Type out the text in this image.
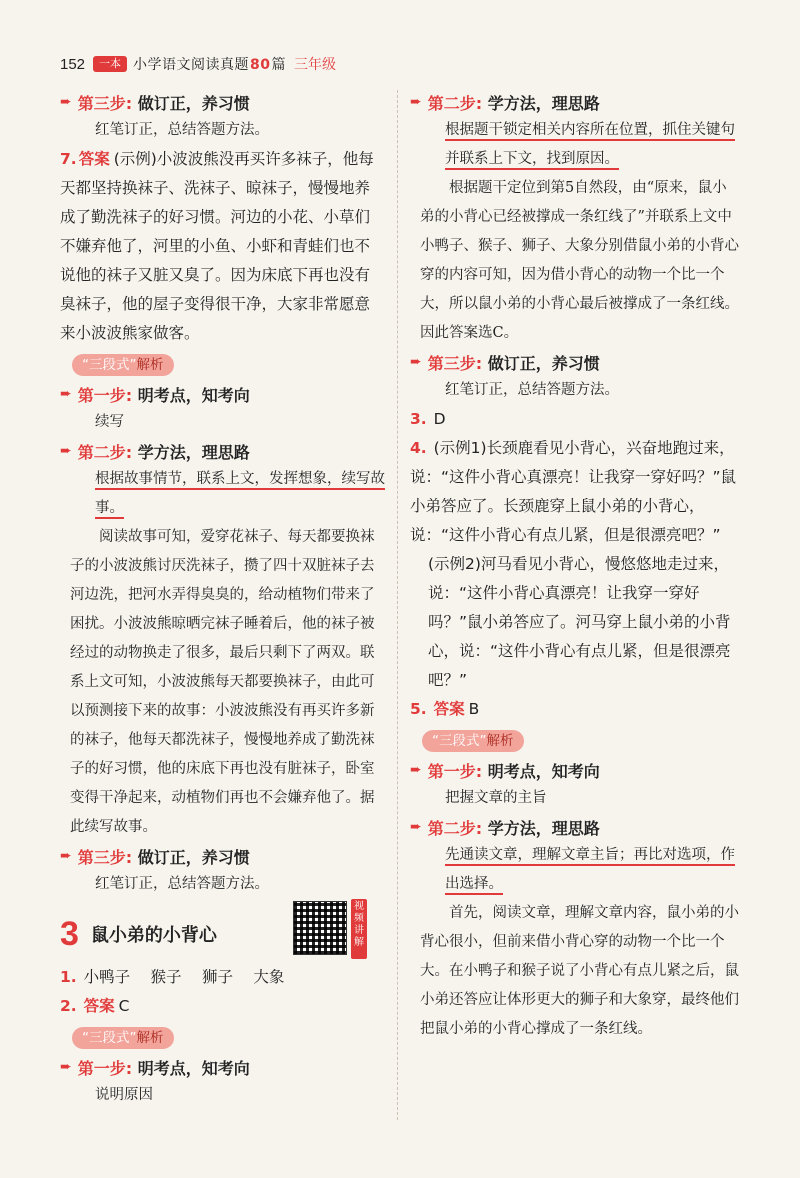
152	一本 小学语文阅读真题80篇 三年级
➨ 第三步:
做订正，养习惯
红笔订正，总结答题方法。
7. 答案 (示例)小波波熊没再买许多袜子，他每天都坚持换袜子、洗袜子、晾袜子，慢慢地养成了勤洗袜子的好习惯。河边的小花、小草们不嫌弃他了，河里的小鱼、小虾和青蛙们也不说他的袜子又脏又臭了。因为床底下再也没有臭袜子，他的屋子变得很干净，大家非常愿意来小波波熊家做客。
“三段式”解析
➨ 第一步:
明考点，知考向
续写
➨ 第二步:
学方法，理思路
根据故事情节，联系上文，发挥想象，续写故事。
阅读故事可知，爱穿花袜子、每天都要换袜子的小波波熊讨厌洗袜子，攒了四十双脏袜子去河边洗，把河水弄得臭臭的，给动植物们带来了困扰。小波波熊晾晒完袜子睡着后，他的袜子被经过的动物换走了很多，最后只剩下了两双。联系上文可知，小波波熊每天都要换袜子，由此可以预测接下来的故事：小波波熊没有再买许多新的袜子，他每天都洗袜子，慢慢地养成了勤洗袜子的好习惯，他的床底下再也没有脏袜子，卧室变得干净起来，动植物们再也不会嫌弃他了。据此续写故事。
➨ 第三步:
做订正，养习惯
红笔订正，总结答题方法。
3 鼠小弟的小背心
视频讲解
1. 小鸭子　 猴子　 狮子　 大象
2. 答案 C
“三段式”解析
➨ 第一步:
明考点，知考向
说明原因
➨ 第二步:
学方法，理思路
根据题干锁定相关内容所在位置，抓住关键句并联系上下文，找到原因。
根据题干定位到第5自然段，由“原来，鼠小弟的小背心已经被撑成一条红线了”并联系上文中小鸭子、猴子、狮子、大象分别借鼠小弟的小背心穿的内容可知，因为借小背心的动物一个比一个大，所以鼠小弟的小背心最后被撑成了一条红线。因此答案选C。
➨ 第三步:
做订正，养习惯
红笔订正，总结答题方法。
3. D
4. (示例1)长颈鹿看见小背心，兴奋地跑过来，说：“这件小背心真漂亮！让我穿一穿好吗？”鼠小弟答应了。长颈鹿穿上鼠小弟的小背心，说：“这件小背心有点儿紧，但是很漂亮吧？”
(示例2)河马看见小背心，慢悠悠地走过来，说：“这件小背心真漂亮！让我穿一穿好吗？”鼠小弟答应了。河马穿上鼠小弟的小背心，说：“这件小背心有点儿紧，但是很漂亮吧？”
5. 答案 B
“三段式”解析
➨ 第一步:
明考点，知考向
把握文章的主旨
➨ 第二步:
学方法，理思路
先通读文章，理解文章主旨；再比对选项，作出选择。
首先，阅读文章，理解文章内容，鼠小弟的小背心很小，但前来借小背心穿的动物一个比一个大。在小鸭子和猴子说了小背心有点儿紧之后，鼠小弟还答应让体形更大的狮子和大象穿，最终他们把鼠小弟的小背心撑成了一条红线。
